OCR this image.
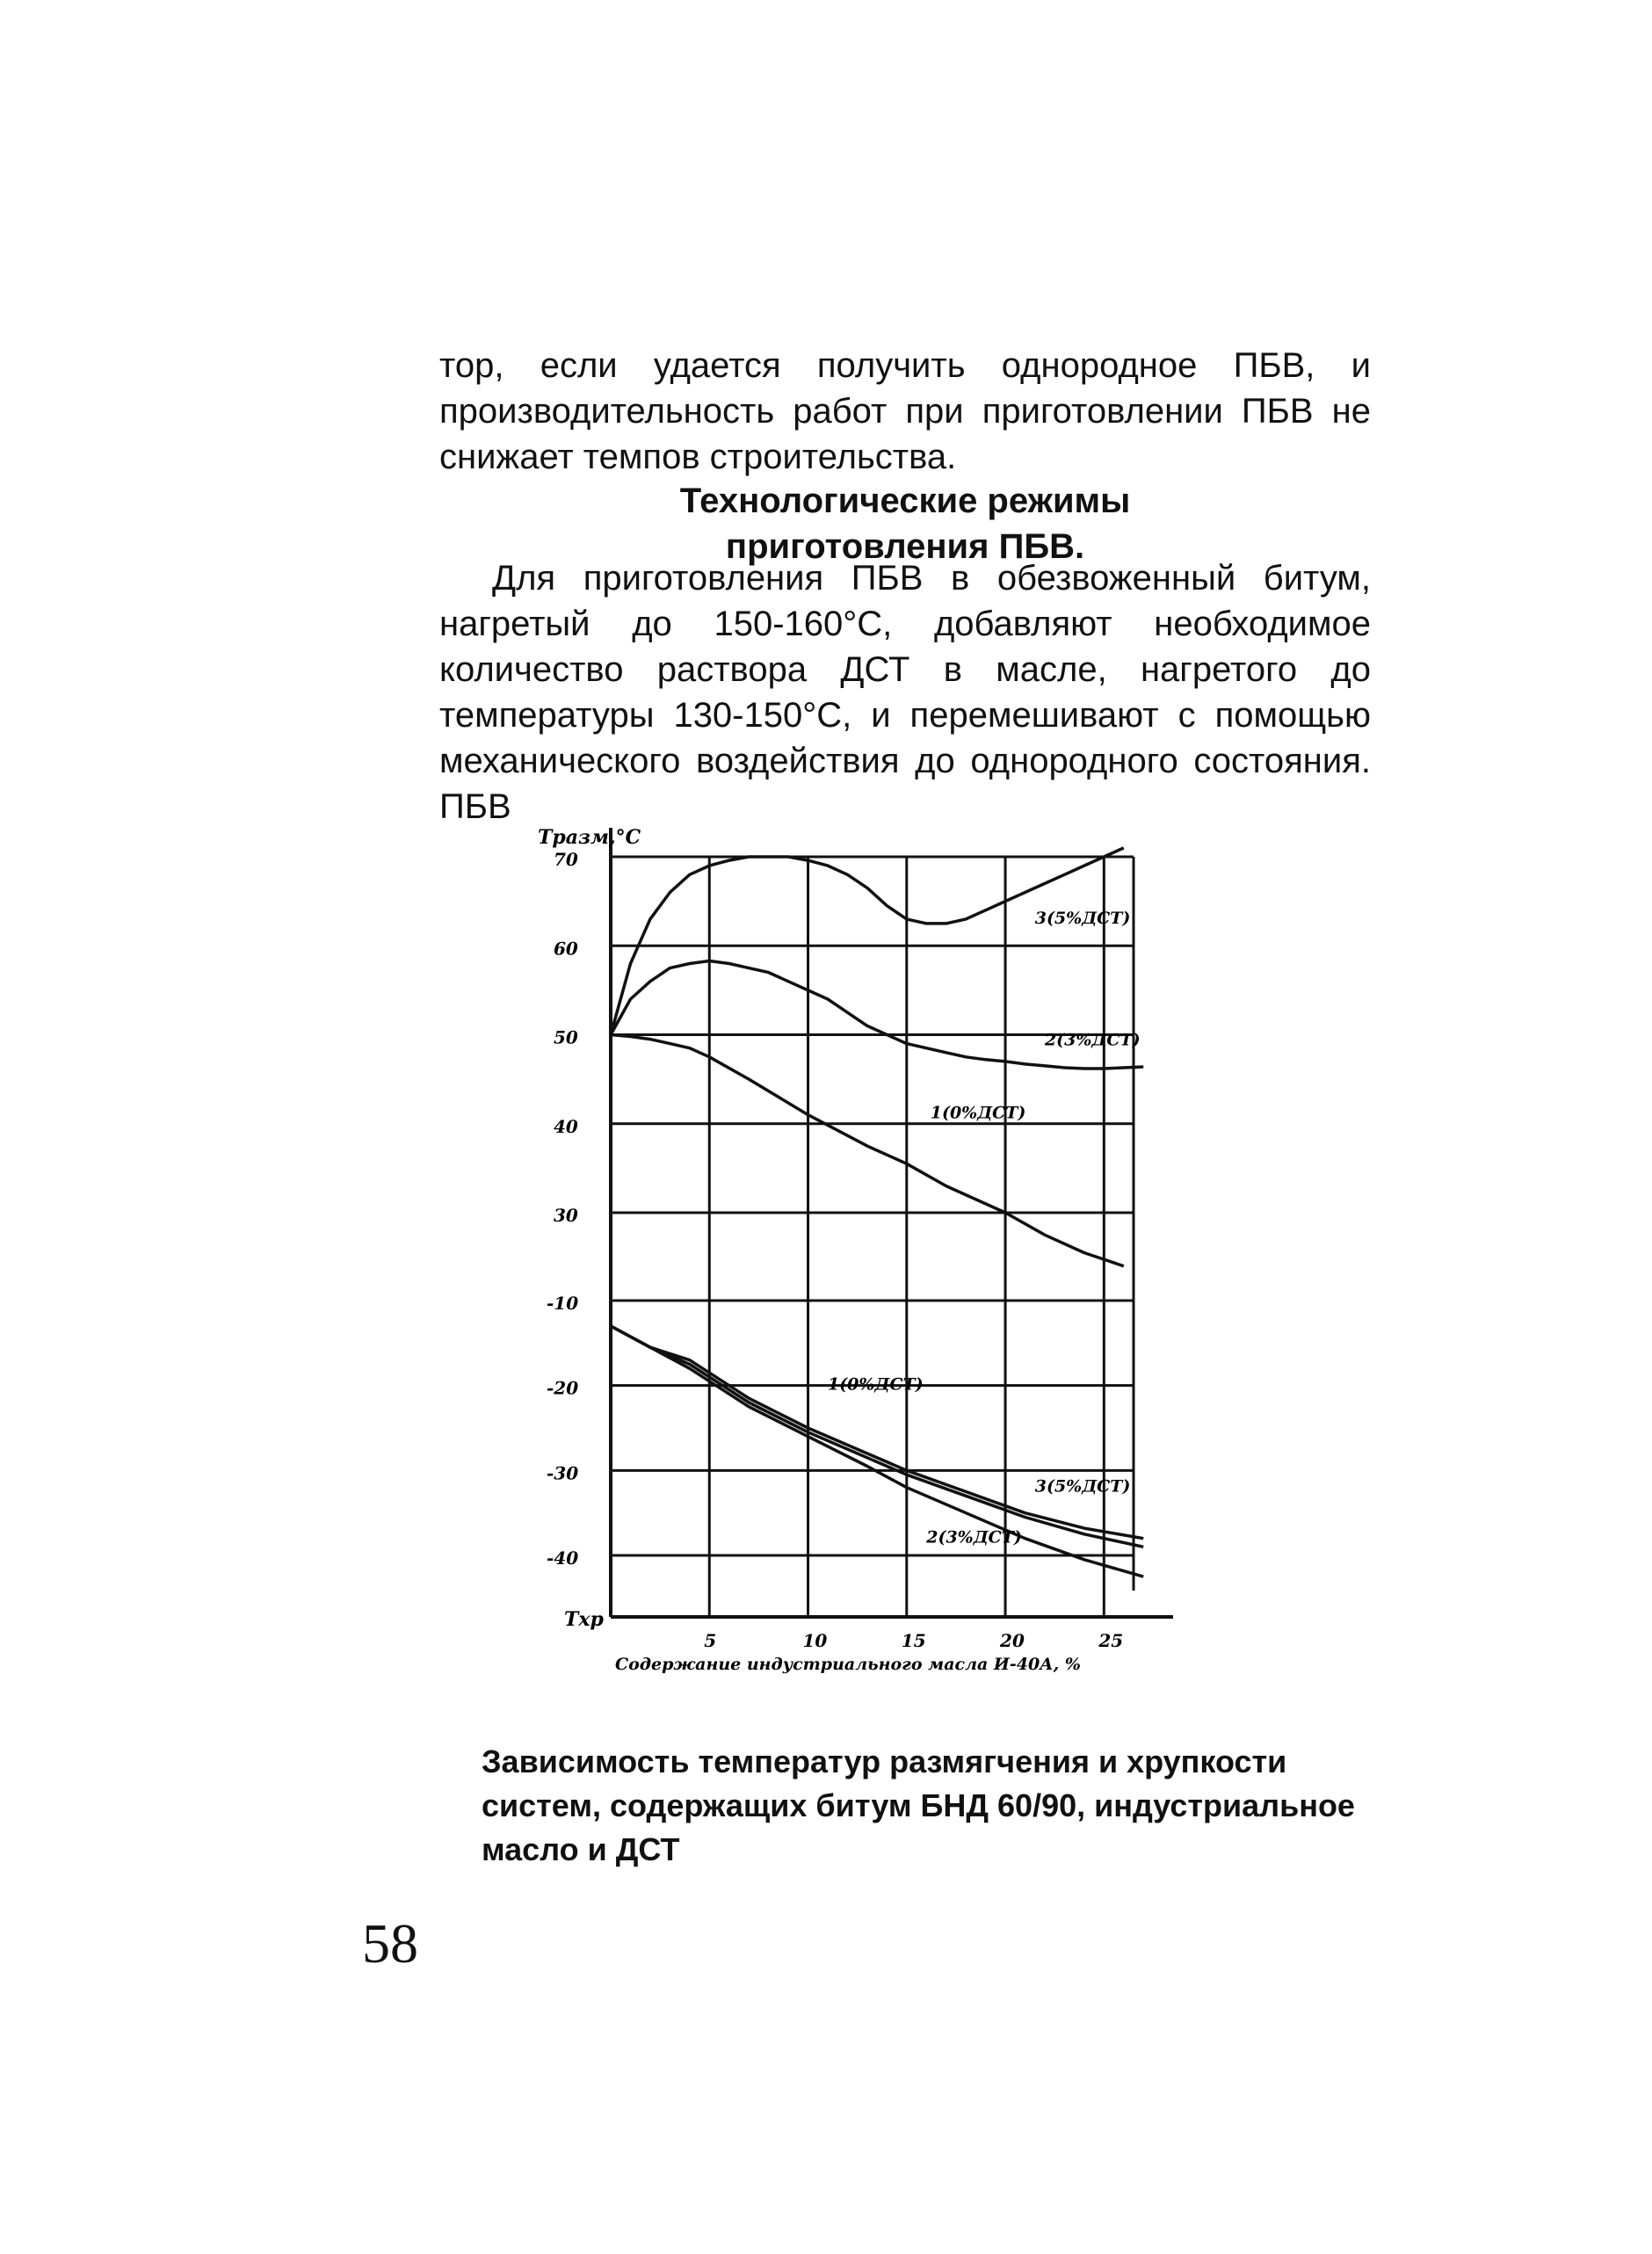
тор, если удается получить однородное ПБВ, и производительность работ при приготовлении ПБВ не снижает темпов строительства.

Технологические режимы

приготовления ПБВ.

Для приготовления ПБВ в обезвоженный битум, нагретый до 150-160°С, добавляют необходимое количество раствора ДСТ в масле, нагретого до температуры 130-150°С, и перемешивают с помощью механического воздействия до однородного состояния. ПБВ

5	10	15	20	25
70
60
50
40
30
-10
-20
-30
-40
Tразм,°С
Tхр
Содержание индустриального масла И-40А, %
3(5%ДСТ)
2(3%ДСТ)
1(0%ДСТ)
1(0%ДСТ)
3(5%ДСТ)
2(3%ДСТ)

Зависимость температур размягчения и хрупкости систем, содержащих битум БНД 60/90, индустриальное масло и ДСТ

58
